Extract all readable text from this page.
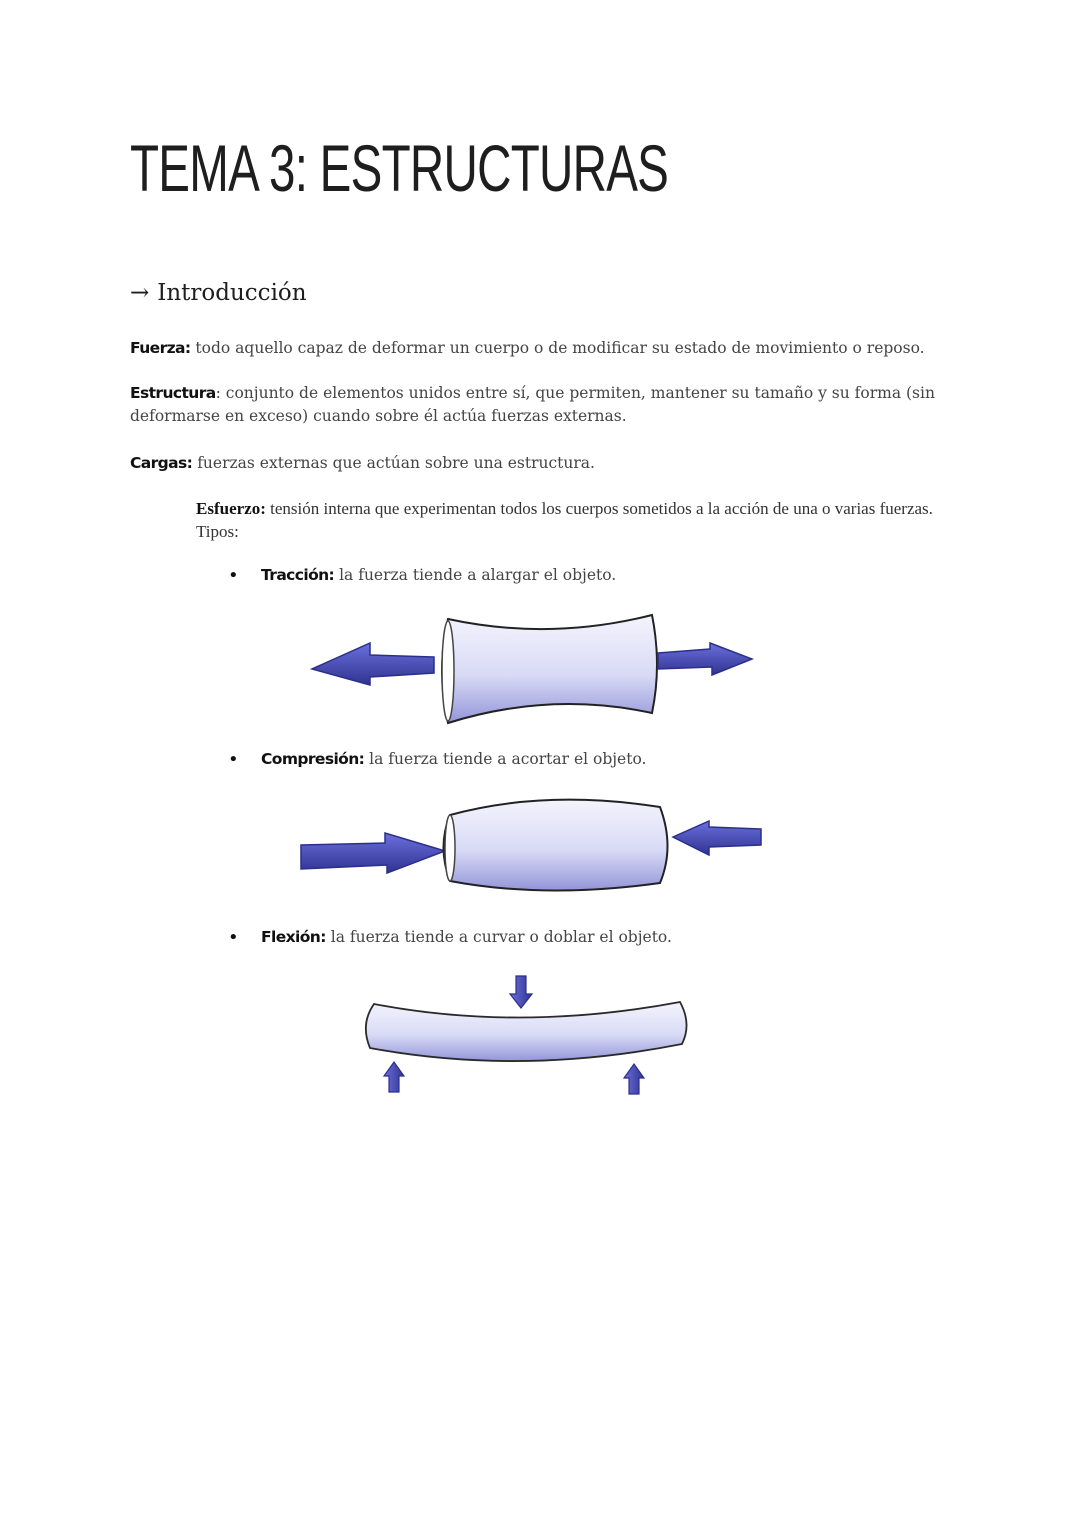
TEMA 3: ESTRUCTURAS
→ Introducción

Fuerza: todo aquello capaz de deformar un cuerpo o de modificar su estado de movimiento o reposo.

Estructura: conjunto de elementos unidos entre sí, que permiten, mantener su tamaño y su forma (sin deformarse en exceso) cuando sobre él actúa fuerzas externas.

Cargas: fuerzas externas que actúan sobre una estructura.

Esfuerzo: tensión interna que experimentan todos los cuerpos sometidos a la acción de una o varias fuerzas. Tipos:

• Tracción: la fuerza tiende a alargar el objeto.

• Compresión: la fuerza tiende a acortar el objeto.

• Flexión: la fuerza tiende a curvar o doblar el objeto.
